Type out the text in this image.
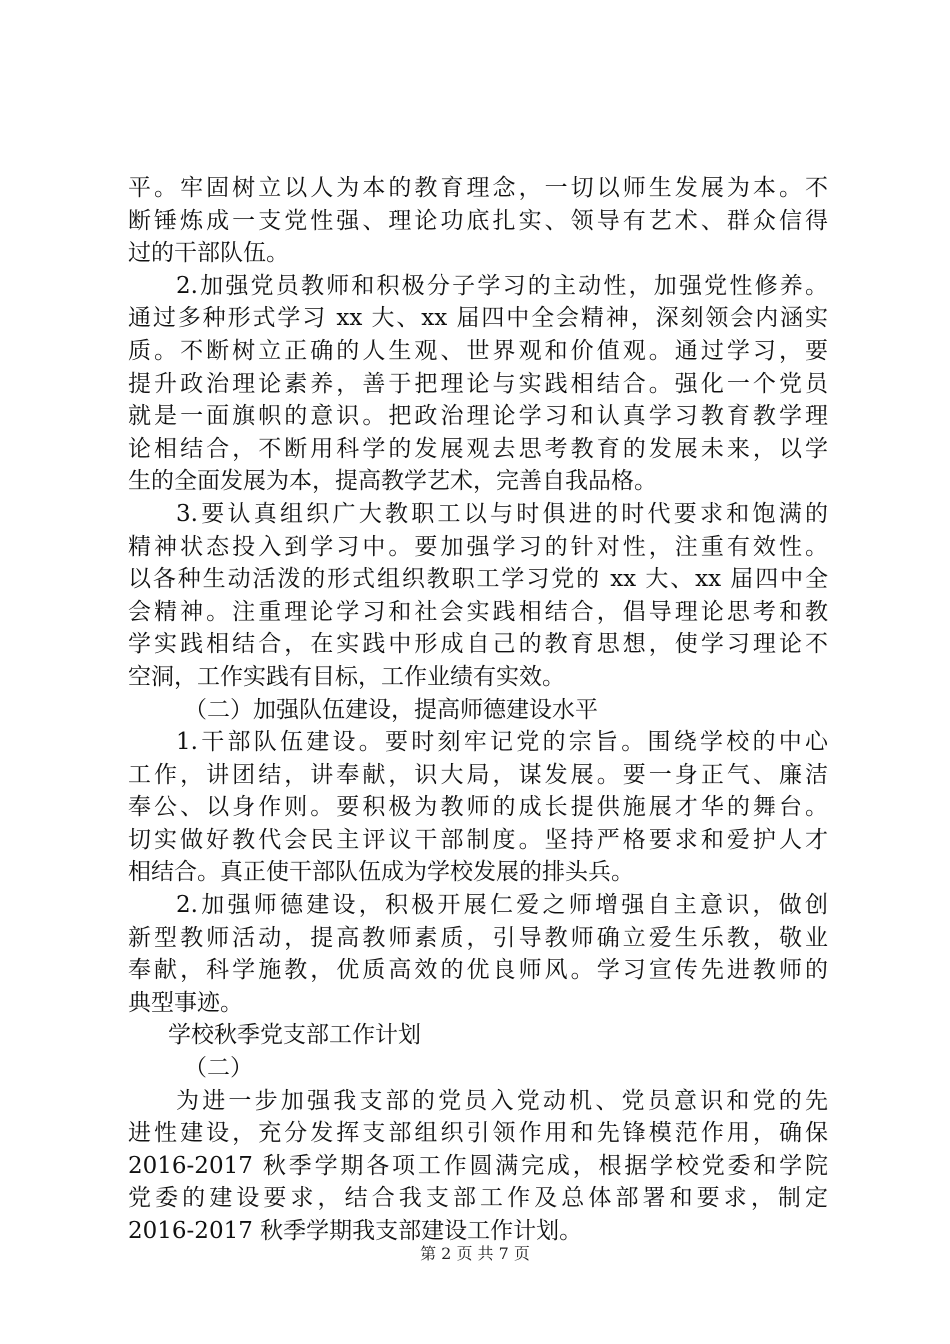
平。牢固树立以人为本的教育理念，一切以师生发展为本。不
断锤炼成一支党性强、理论功底扎实、领导有艺术、群众信得
过的干部队伍。
2.加强党员教师和积极分子学习的主动性，加强党性修养。
通过多种形式学习 xx 大、xx 届四中全会精神，深刻领会内涵实
质。不断树立正确的人生观、世界观和价值观。通过学习，要
提升政治理论素养，善于把理论与实践相结合。强化一个党员
就是一面旗帜的意识。把政治理论学习和认真学习教育教学理
论相结合，不断用科学的发展观去思考教育的发展未来，以学
生的全面发展为本，提高教学艺术，完善自我品格。
3.要认真组织广大教职工以与时俱进的时代要求和饱满的
精神状态投入到学习中。要加强学习的针对性，注重有效性。
以各种生动活泼的形式组织教职工学习党的 xx 大、xx 届四中全
会精神。注重理论学习和社会实践相结合，倡导理论思考和教
学实践相结合，在实践中形成自己的教育思想，使学习理论不
空洞，工作实践有目标，工作业绩有实效。
（二）加强队伍建设，提高师德建设水平
1.干部队伍建设。要时刻牢记党的宗旨。围绕学校的中心
工作，讲团结，讲奉献，识大局，谋发展。要一身正气、廉洁
奉公、以身作则。要积极为教师的成长提供施展才华的舞台。
切实做好教代会民主评议干部制度。坚持严格要求和爱护人才
相结合。真正使干部队伍成为学校发展的排头兵。
2.加强师德建设，积极开展仁爱之师增强自主意识，做创
新型教师活动，提高教师素质，引导教师确立爱生乐教，敬业
奉献，科学施教，优质高效的优良师风。学习宣传先进教师的
典型事迹。
学校秋季党支部工作计划
（二）
为进一步加强我支部的党员入党动机、党员意识和党的先
进性建设，充分发挥支部组织引领作用和先锋模范作用，确保
2016-2017 秋季学期各项工作圆满完成，根据学校党委和学院
党委的建设要求，结合我支部工作及总体部署和要求，制定
2016-2017 秋季学期我支部建设工作计划。
第 2 页 共 7 页
